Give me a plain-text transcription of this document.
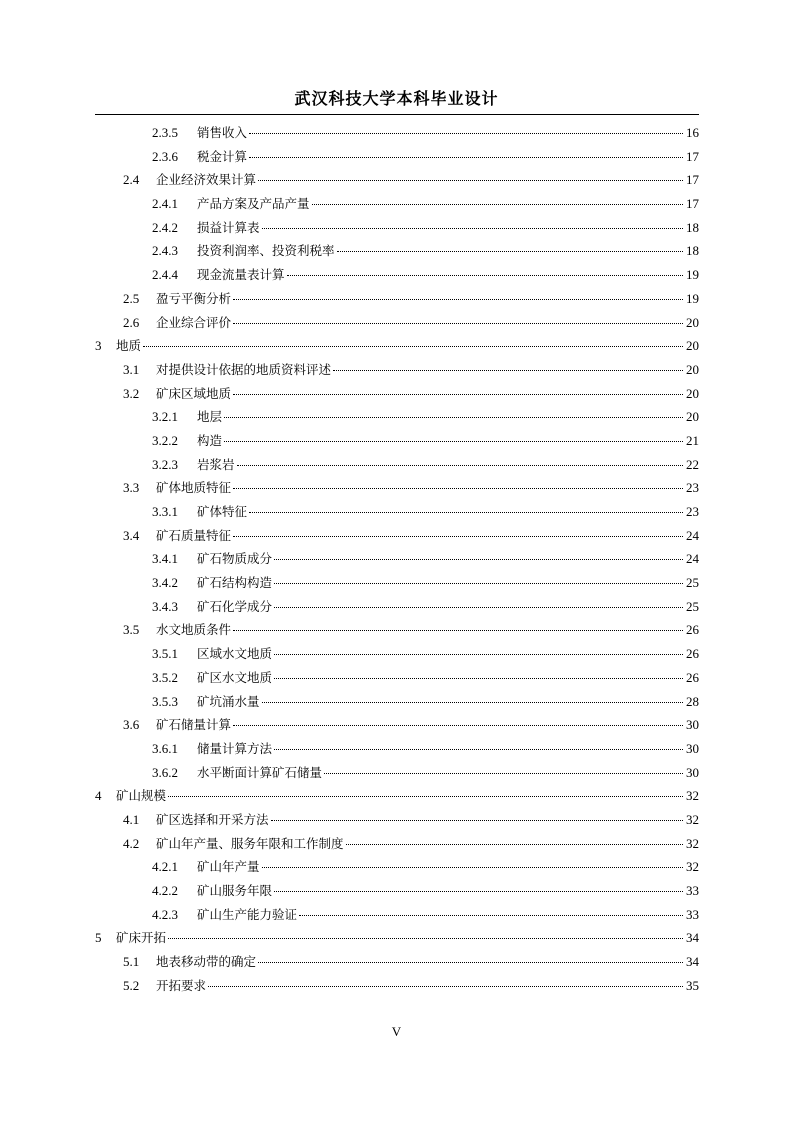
武汉科技大学本科毕业设计
2.3.5	销售收入	16
2.3.6	税金计算	17
2.4	企业经济效果计算	17
2.4.1	产品方案及产品产量	17
2.4.2	损益计算表	18
2.4.3	投资利润率、投资利税率	18
2.4.4	现金流量表计算	19
2.5	盈亏平衡分析	19
2.6	企业综合评价	20
3	地质	20
3.1	对提供设计依据的地质资料评述	20
3.2	矿床区域地质	20
3.2.1	地层	20
3.2.2	构造	21
3.2.3	岩浆岩	22
3.3	矿体地质特征	23
3.3.1	矿体特征	23
3.4	矿石质量特征	24
3.4.1	矿石物质成分	24
3.4.2	矿石结构构造	25
3.4.3	矿石化学成分	25
3.5	水文地质条件	26
3.5.1	区域水文地质	26
3.5.2	矿区水文地质	26
3.5.3	矿坑涌水量	28
3.6	矿石储量计算	30
3.6.1	储量计算方法	30
3.6.2	水平断面计算矿石储量	30
4	矿山规模	32
4.1	矿区选择和开采方法	32
4.2	矿山年产量、服务年限和工作制度	32
4.2.1	矿山年产量	32
4.2.2	矿山服务年限	33
4.2.3	矿山生产能力验证	33
5	矿床开拓	34
5.1	地表移动带的确定	34
5.2	开拓要求	35
V
